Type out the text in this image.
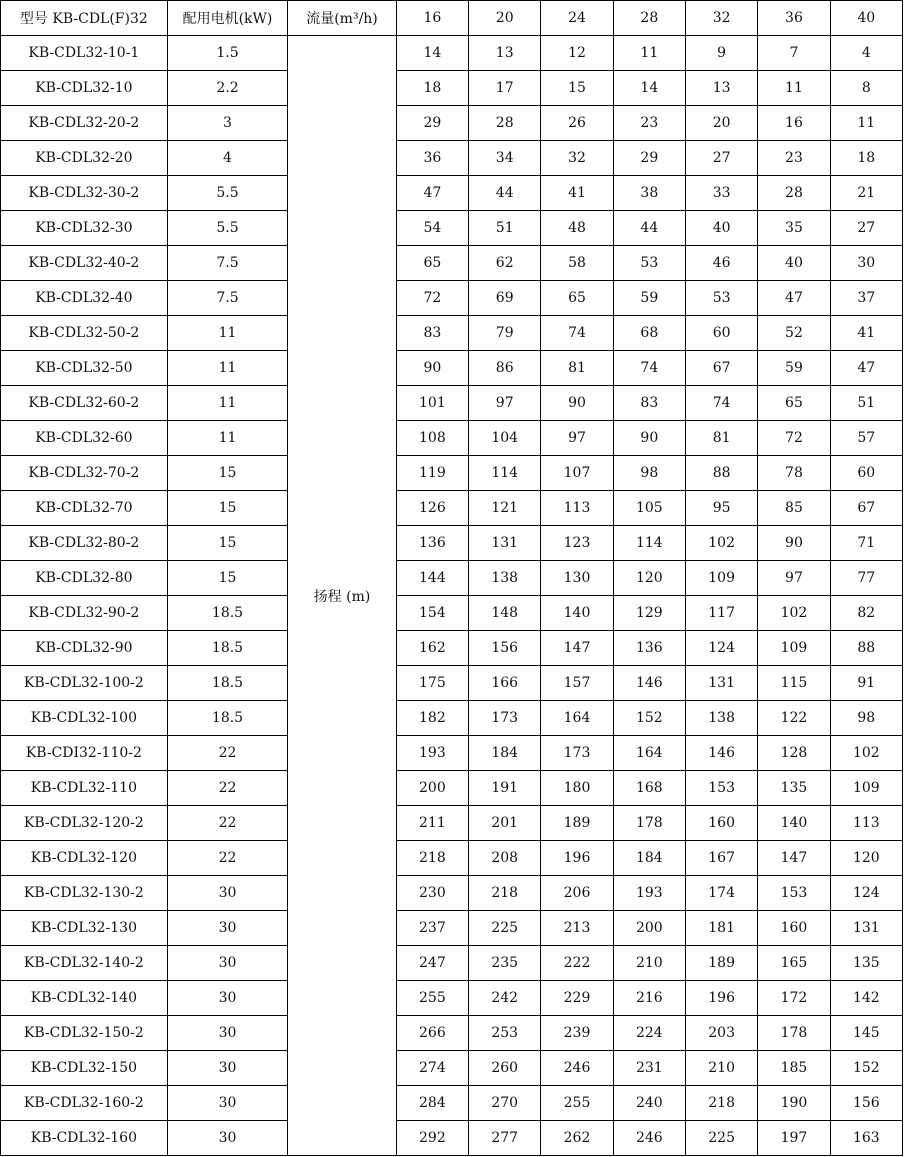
型号 KB-CDL(F)32	配用电机(kW)	流量(m³/h)	16	20	24	28	32	36	40
KB-CDL32-10-1	1.5	扬程 (m)	14	13	12	11	9	7	4
KB-CDL32-10	2.2		18	17	15	14	13	11	8
KB-CDL32-20-2	3		29	28	26	23	20	16	11
KB-CDL32-20	4		36	34	32	29	27	23	18
KB-CDL32-30-2	5.5		47	44	41	38	33	28	21
KB-CDL32-30	5.5		54	51	48	44	40	35	27
KB-CDL32-40-2	7.5		65	62	58	53	46	40	30
KB-CDL32-40	7.5		72	69	65	59	53	47	37
KB-CDL32-50-2	11		83	79	74	68	60	52	41
KB-CDL32-50	11		90	86	81	74	67	59	47
KB-CDL32-60-2	11		101	97	90	83	74	65	51
KB-CDL32-60	11		108	104	97	90	81	72	57
KB-CDL32-70-2	15		119	114	107	98	88	78	60
KB-CDL32-70	15		126	121	113	105	95	85	67
KB-CDL32-80-2	15		136	131	123	114	102	90	71
KB-CDL32-80	15		144	138	130	120	109	97	77
KB-CDL32-90-2	18.5		154	148	140	129	117	102	82
KB-CDL32-90	18.5		162	156	147	136	124	109	88
KB-CDL32-100-2	18.5		175	166	157	146	131	115	91
KB-CDL32-100	18.5		182	173	164	152	138	122	98
KB-CDI32-110-2	22		193	184	173	164	146	128	102
KB-CDL32-110	22		200	191	180	168	153	135	109
KB-CDL32-120-2	22		211	201	189	178	160	140	113
KB-CDL32-120	22		218	208	196	184	167	147	120
KB-CDL32-130-2	30		230	218	206	193	174	153	124
KB-CDL32-130	30		237	225	213	200	181	160	131
KB-CDL32-140-2	30		247	235	222	210	189	165	135
KB-CDL32-140	30		255	242	229	216	196	172	142
KB-CDL32-150-2	30		266	253	239	224	203	178	145
KB-CDL32-150	30		274	260	246	231	210	185	152
KB-CDL32-160-2	30		284	270	255	240	218	190	156
KB-CDL32-160	30		292	277	262	246	225	197	163
